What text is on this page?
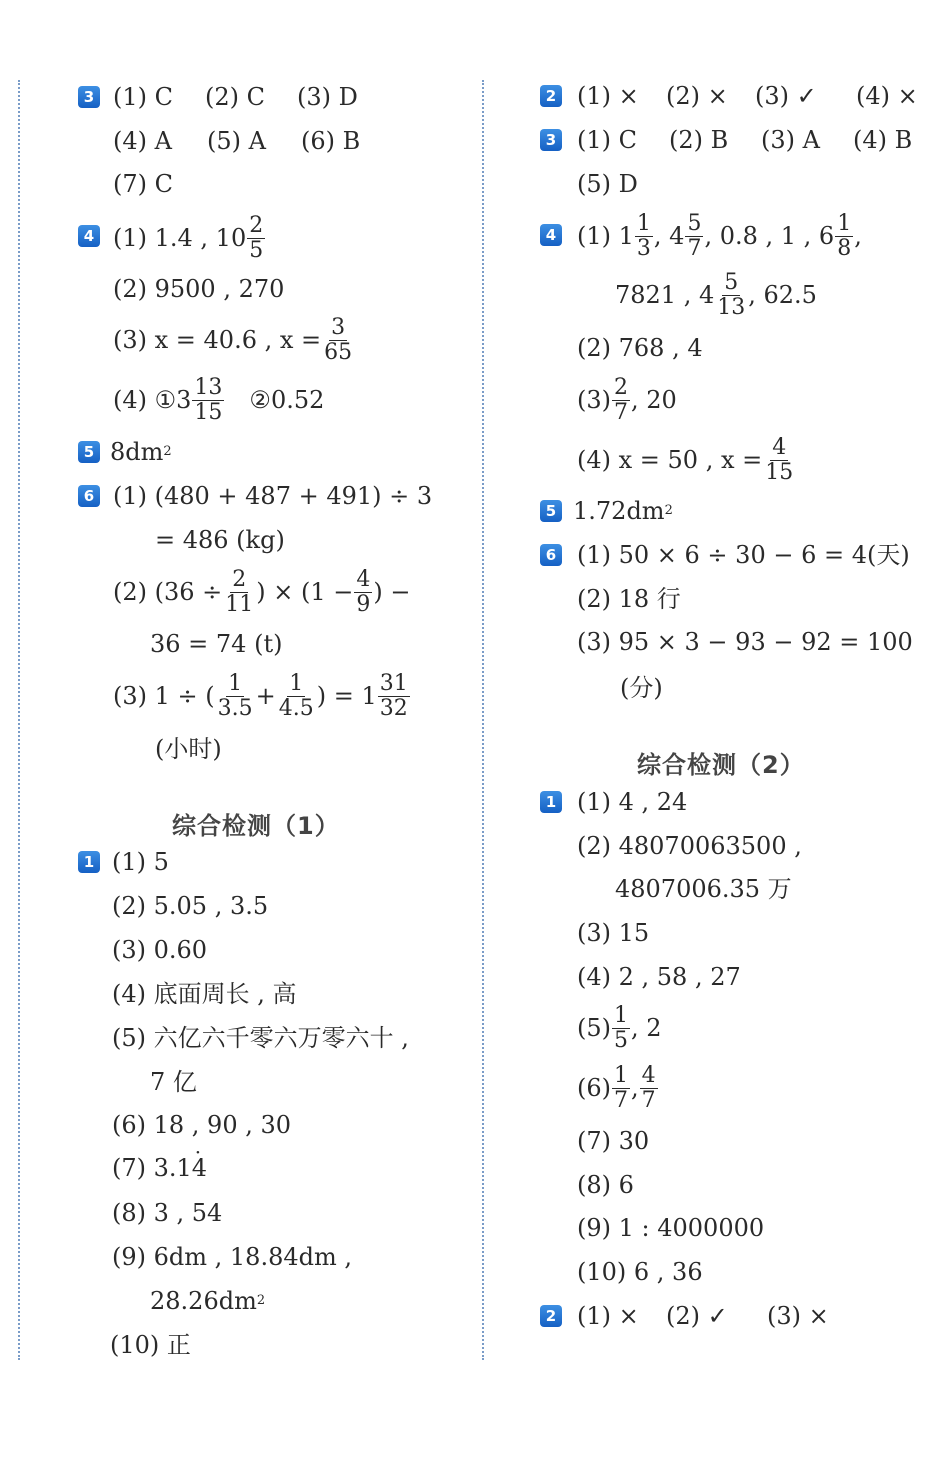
3 (1) C	(2) C	(3) D
(4) A	(5) A	(6) B
(7) C
4 (1) 1.4 , $10 \frac{2}{5}$
(2) 9500 , 270
(3) x = 40.6 , $x = \frac{3}{65}$
(4) ①3 $\frac{13}{15}$ ②0.52
5 8dm 2
6 (1) (480 + 487 + 491) ÷ 3
= 486 (kg)
(2) ($36 \div \frac{2}{11}$ ) × ($1 - \frac{4}{9}$ ) −
36 = 74 (t)
(3) 1 ÷ ( $\frac{1}{3.5} + \frac{1}{4.5}$ ) = $1 \frac{31}{32}$
(小时)
综合检测（1）
1 (1) 5
(2) 5.05 , 3.5
(3) 0.60
(4) 底面周长 , 高
(5) 六亿六千零六万零六十 ,
7 亿
(6) 18 , 90 , 30
(7) 3.1
· 4
(8) 3 , 54
(9) 6dm , 18.84dm ,
28.26dm 2
(10) 正
2 (1) ×	(2) ×	(3) ✓	(4) ×
3 (1) C	(2) B	(3) A	(4) B
(5) D
4 (1) $1 \frac{1}{3}$ , $4 \frac{5}{7}$ , 0.8 , 1 , $6 \frac{1}{8}$ ,
7821 , $4 \frac{5}{13}$ , 62.5
(2) 768 , 4
$(3) \frac{2}{7}$ , 20
(4) x = 50 , $x = \frac{4}{15}$
5 1.72dm 2
6 (1) 50 × 6 ÷ 30 − 6 = 4(天)
(2) 18 行
(3) 95 × 3 − 93 − 92 = 100
(分)
综合检测（2）
1 (1) 4 , 24
(2) 48070063500 ,
4807006.35 万
(3) 15
(4) 2 , 58 , 27
$(5) \frac{1}{5}$ , 2
$(6) \frac{1}{7}$ , $\frac{4}{7}$
(7) 30
(8) 6
(9) 1 : 4000000
(10) 6 , 36
2 (1) ×	(2) ✓	(3) ×
